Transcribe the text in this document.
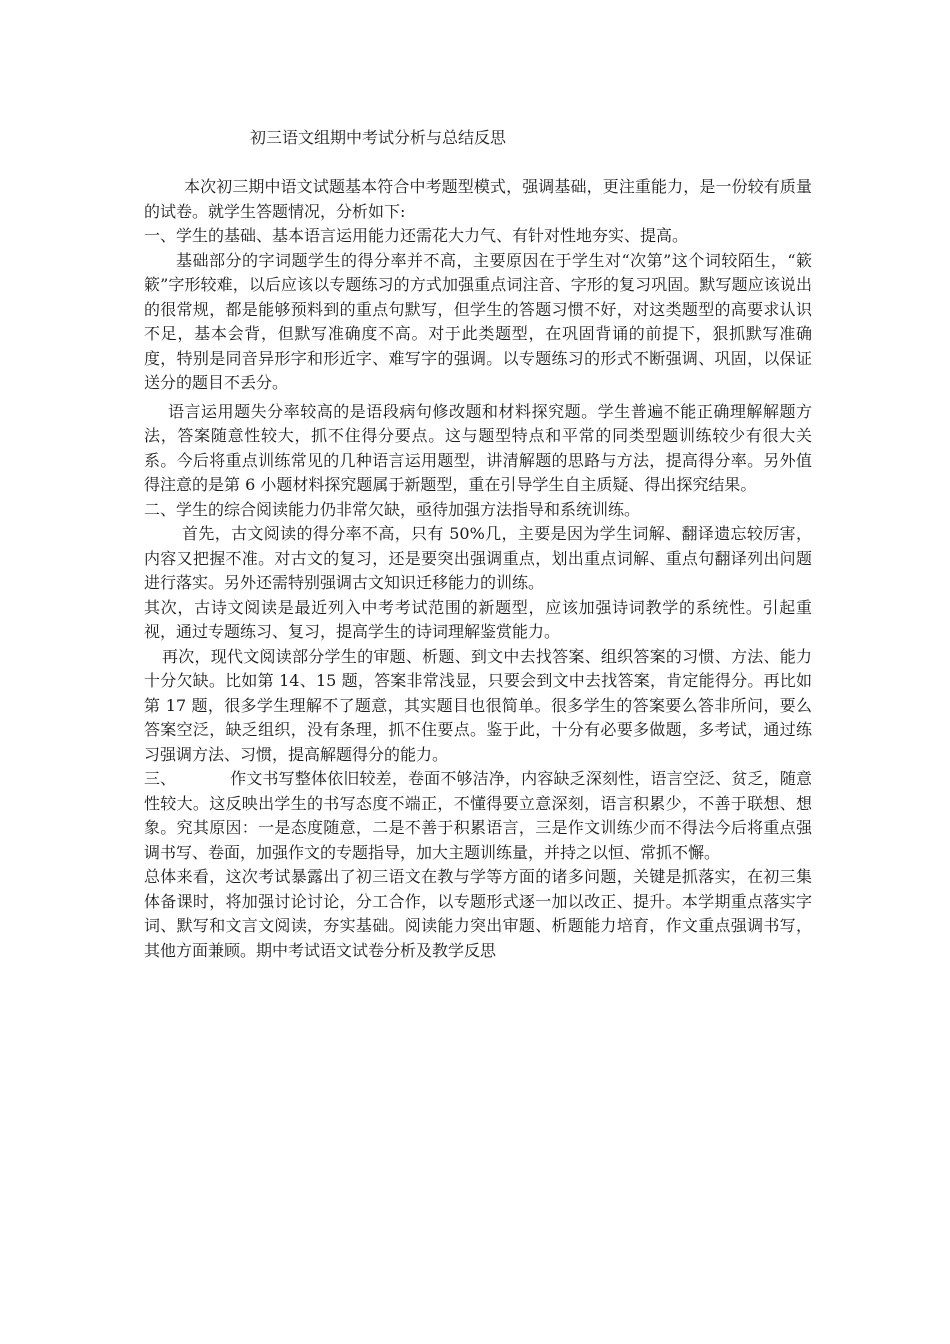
初三语文组期中考试分析与总结反思

本次初三期中语文试题基本符合中考题型模式，强调基础，更注重能力，是一份较有质量的试卷。就学生答题情况，分析如下:

一、学生的基础、基本语言运用能力还需花大力气、有针对性地夯实、提高。

基础部分的字词题学生的得分率并不高，主要原因在于学生对“次第”这个词较陌生，“簌簌”字形较难，以后应该以专题练习的方式加强重点词注音、字形的复习巩固。默写题应该说出的很常规，都是能够预料到的重点句默写，但学生的答题习惯不好，对这类题型的高要求认识不足，基本会背，但默写准确度不高。对于此类题型，在巩固背诵的前提下，狠抓默写准确度，特别是同音异形字和形近字、难写字的强调。以专题练习的形式不断强调、巩固，以保证送分的题目不丢分。

语言运用题失分率较高的是语段病句修改题和材料探究题。学生普遍不能正确理解解题方法，答案随意性较大，抓不住得分要点。这与题型特点和平常的同类型题训练较少有很大关系。今后将重点训练常见的几种语言运用题型，讲清解题的思路与方法，提高得分率。另外值得注意的是第 6 小题材料探究题属于新题型，重在引导学生自主质疑、得出探究结果。

二、学生的综合阅读能力仍非常欠缺，亟待加强方法指导和系统训练。

首先，古文阅读的得分率不高，只有 50%几，主要是因为学生词解、翻译遗忘较厉害，内容又把握不准。对古文的复习，还是要突出强调重点，划出重点词解、重点句翻译列出问题进行落实。另外还需特别强调古文知识迁移能力的训练。

其次，古诗文阅读是最近列入中考考试范围的新题型，应该加强诗词教学的系统性。引起重视，通过专题练习、复习，提高学生的诗词理解鉴赏能力。

再次，现代文阅读部分学生的审题、析题、到文中去找答案、组织答案的习惯、方法、能力十分欠缺。比如第 14、15 题，答案非常浅显，只要会到文中去找答案，肯定能得分。再比如第 17 题，很多学生理解不了题意，其实题目也很简单。很多学生的答案要么答非所问，要么答案空泛，缺乏组织，没有条理，抓不住要点。鉴于此，十分有必要多做题，多考试，通过练习强调方法、习惯，提高解题得分的能力。

三、	作文书写整体依旧较差，卷面不够洁净，内容缺乏深刻性，语言空泛、贫乏，随意性较大。这反映出学生的书写态度不端正，不懂得要立意深刻，语言积累少，不善于联想、想象。究其原因：一是态度随意，二是不善于积累语言，三是作文训练少而不得法今后将重点强调书写、卷面，加强作文的专题指导，加大主题训练量，并持之以恒、常抓不懈。

总体来看，这次考试暴露出了初三语文在教与学等方面的诸多问题，关键是抓落实，在初三集体备课时，将加强讨论讨论，分工合作，以专题形式逐一加以改正、提升。本学期重点落实字词、默写和文言文阅读，夯实基础。阅读能力突出审题、析题能力培育，作文重点强调书写，其他方面兼顾。期中考试语文试卷分析及教学反思
